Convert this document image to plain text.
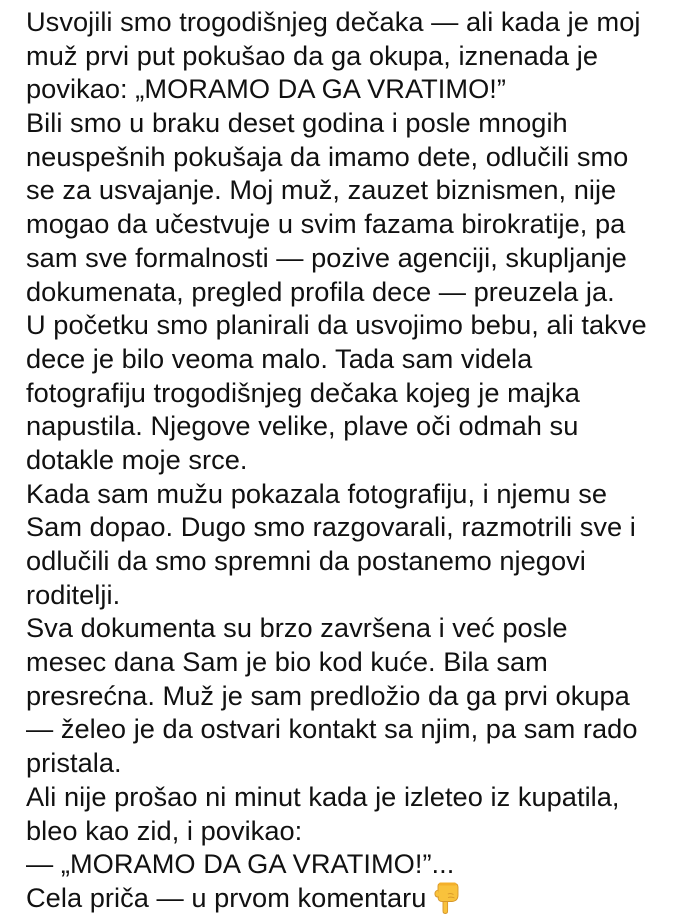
Usvojili smo trogodišnjeg dečaka — ali kada je moj
muž prvi put pokušao da ga okupa, iznenada je
povikao: „MORAMO DA GA VRATIMO!”
Bili smo u braku deset godina i posle mnogih
neuspešnih pokušaja da imamo dete, odlučili smo
se za usvajanje. Moj muž, zauzet biznismen, nije
mogao da učestvuje u svim fazama birokratije, pa
sam sve formalnosti — pozive agenciji, skupljanje
dokumenata, pregled profila dece — preuzela ja.
U početku smo planirali da usvojimo bebu, ali takve
dece je bilo veoma malo. Tada sam videla
fotografiju trogodišnjeg dečaka kojeg je majka
napustila. Njegove velike, plave oči odmah su
dotakle moje srce.
Kada sam mužu pokazala fotografiju, i njemu se
Sam dopao. Dugo smo razgovarali, razmotrili sve i
odlučili da smo spremni da postanemo njegovi
roditelji.
Sva dokumenta su brzo završena i već posle
mesec dana Sam je bio kod kuće. Bila sam
presrećna. Muž je sam predložio da ga prvi okupa
— želeo je da ostvari kontakt sa njim, pa sam rado
pristala.
Ali nije prošao ni minut kada je izleteo iz kupatila,
bleo kao zid, i povikao:
— „MORAMO DA GA VRATIMO!”...
Cela priča — u prvom komentaru
